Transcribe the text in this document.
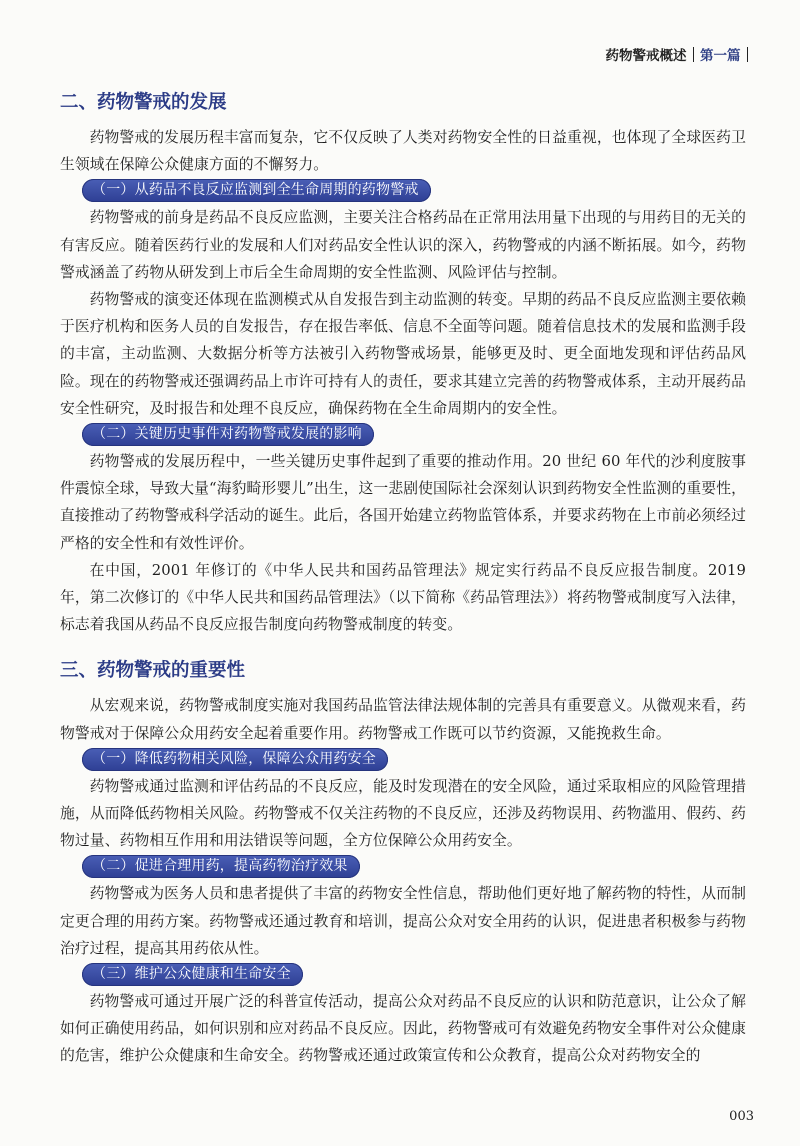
药物警戒概述 第一篇
二、药物警戒的发展

药物警戒的发展历程丰富而复杂，它不仅反映了人类对药物安全性的日益重视，也体现了全球医药卫生领域在保障公众健康方面的不懈努力。

（一）从药品不良反应监测到全生命周期的药物警戒

药物警戒的前身是药品不良反应监测，主要关注合格药品在正常用法用量下出现的与用药目的无关的有害反应。随着医药行业的发展和人们对药品安全性认识的深入，药物警戒的内涵不断拓展。如今，药物警戒涵盖了药物从研发到上市后全生命周期的安全性监测、风险评估与控制。

药物警戒的演变还体现在监测模式从自发报告到主动监测的转变。早期的药品不良反应监测主要依赖于医疗机构和医务人员的自发报告，存在报告率低、信息不全面等问题。随着信息技术的发展和监测手段的丰富，主动监测、大数据分析等方法被引入药物警戒场景，能够更及时、更全面地发现和评估药品风险。现在的药物警戒还强调药品上市许可持有人的责任，要求其建立完善的药物警戒体系，主动开展药品安全性研究，及时报告和处理不良反应，确保药物在全生命周期内的安全性。

（二）关键历史事件对药物警戒发展的影响

药物警戒的发展历程中，一些关键历史事件起到了重要的推动作用。20 世纪 60 年代的沙利度胺事件震惊全球，导致大量“海豹畸形婴儿”出生，这一悲剧使国际社会深刻认识到药物安全性监测的重要性，直接推动了药物警戒科学活动的诞生。此后，各国开始建立药物监管体系，并要求药物在上市前必须经过严格的安全性和有效性评价。

在中国，2001 年修订的《中华人民共和国药品管理法》规定实行药品不良反应报告制度。2019 年，第二次修订的《中华人民共和国药品管理法》（以下简称《药品管理法》）将药物警戒制度写入法律，标志着我国从药品不良反应报告制度向药物警戒制度的转变。

三、药物警戒的重要性

从宏观来说，药物警戒制度实施对我国药品监管法律法规体制的完善具有重要意义。从微观来看，药物警戒对于保障公众用药安全起着重要作用。药物警戒工作既可以节约资源，又能挽救生命。

（一）降低药物相关风险，保障公众用药安全

药物警戒通过监测和评估药品的不良反应，能及时发现潜在的安全风险，通过采取相应的风险管理措施，从而降低药物相关风险。药物警戒不仅关注药物的不良反应，还涉及药物误用、药物滥用、假药、药物过量、药物相互作用和用法错误等问题，全方位保障公众用药安全。

（二）促进合理用药，提高药物治疗效果

药物警戒为医务人员和患者提供了丰富的药物安全性信息，帮助他们更好地了解药物的特性，从而制定更合理的用药方案。药物警戒还通过教育和培训，提高公众对安全用药的认识，促进患者积极参与药物治疗过程，提高其用药依从性。

（三）维护公众健康和生命安全

药物警戒可通过开展广泛的科普宣传活动，提高公众对药品不良反应的认识和防范意识，让公众了解如何正确使用药品，如何识别和应对药品不良反应。因此，药物警戒可有效避免药物安全事件对公众健康的危害，维护公众健康和生命安全。药物警戒还通过政策宣传和公众教育，提高公众对药物安全的

003
